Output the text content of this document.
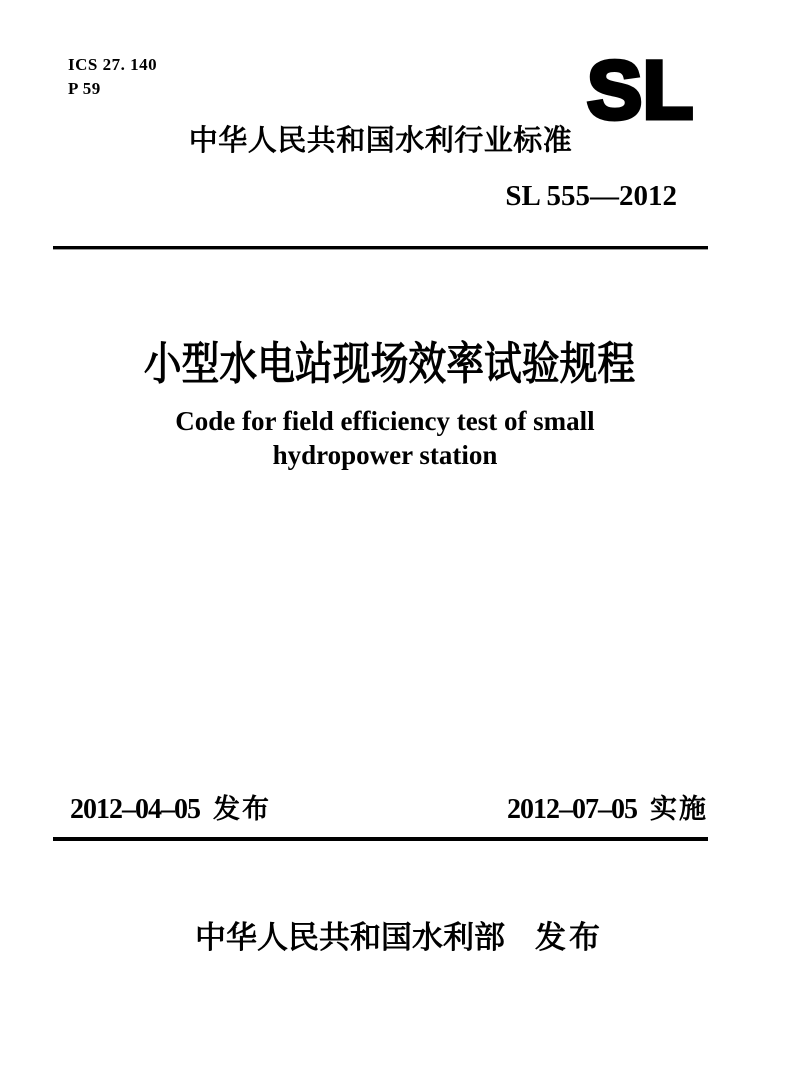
ICS 27. 140
P 59	SL
中华人民共和国水利行业标准
SL 555—2012
小型水电站现场效率试验规程
Code for field efficiency test of small
hydropower station
2012–04–05 发布	2012–07–05 实施
中华人民共和国水利部 发布
